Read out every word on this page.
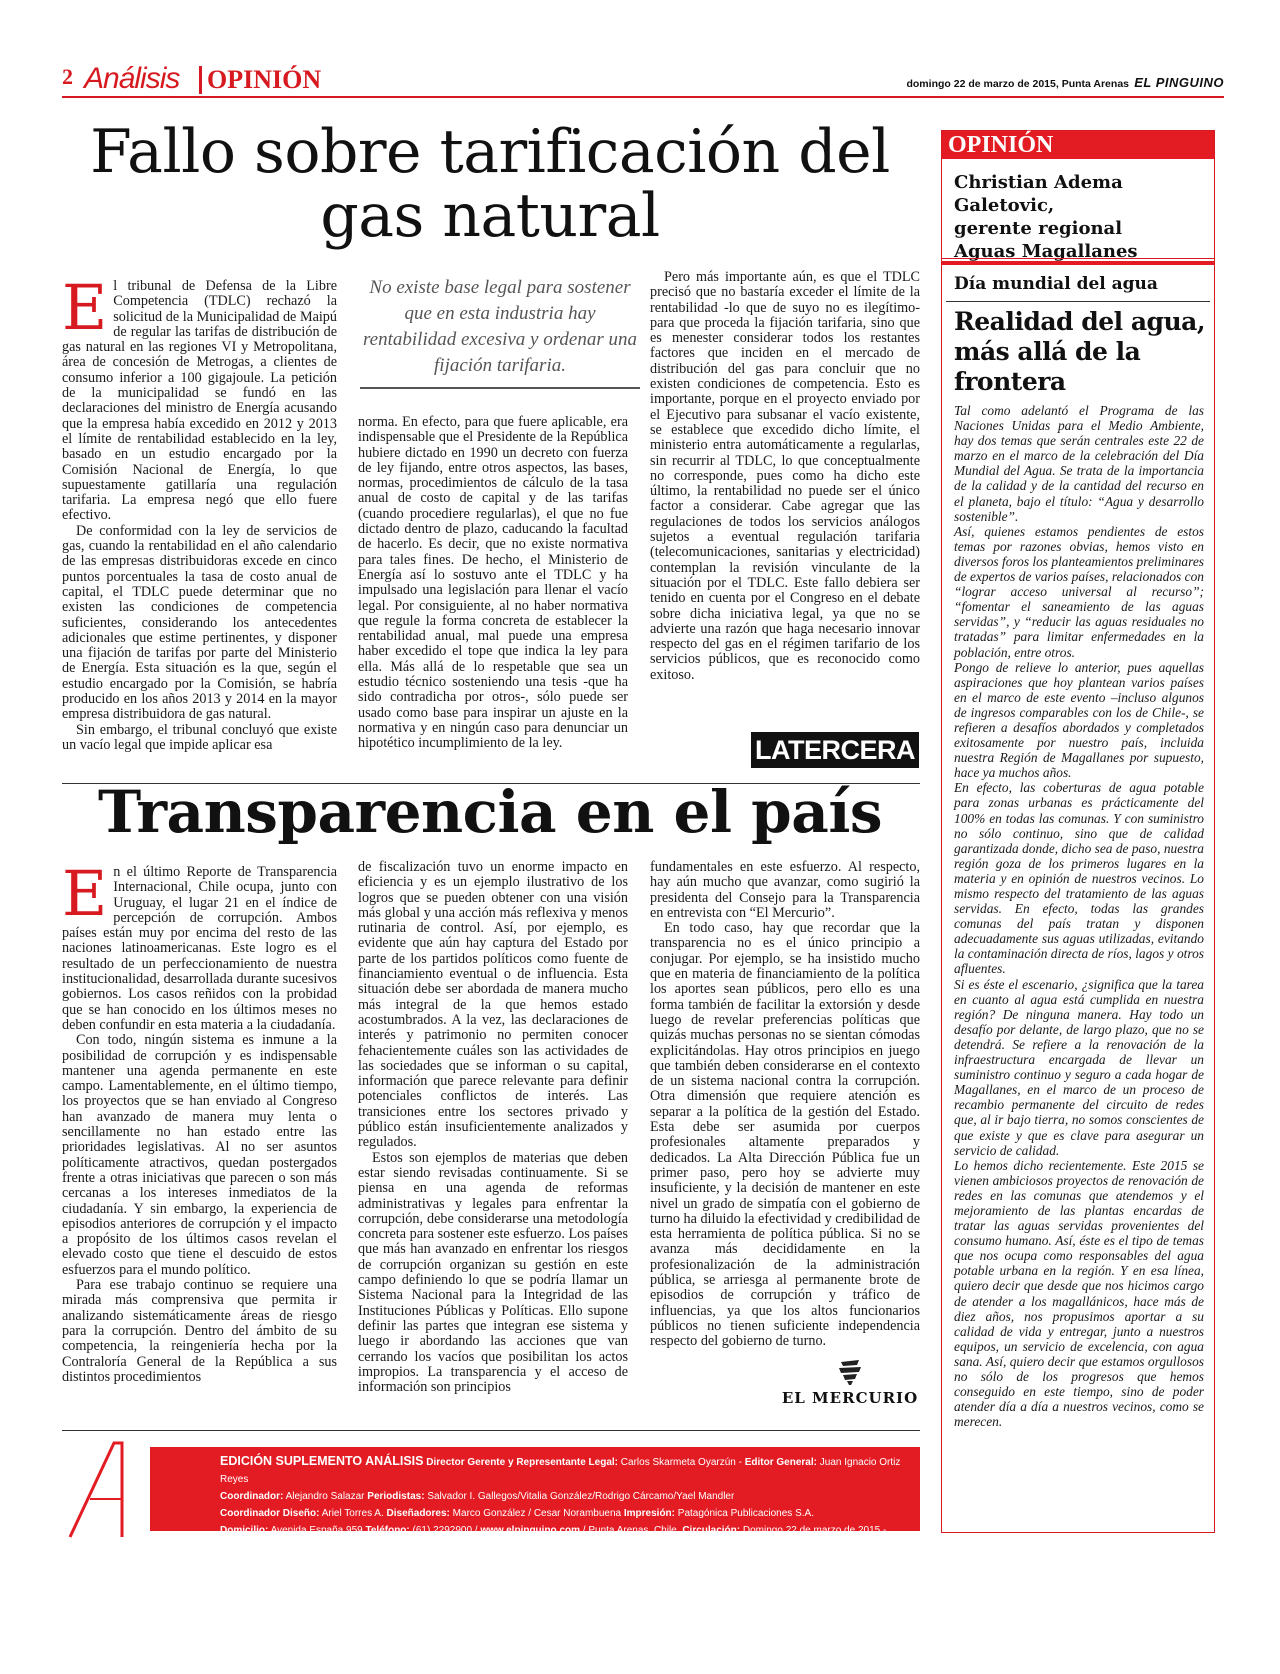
2 Análisis	OPINIÓN	domingo 22 de marzo de 2015, Punta Arenas EL PINGUINO
Fallo sobre tarificación del
gas natural

El tribunal de Defensa de la Libre Competencia (TDLC) rechazó la solicitud de la Municipalidad de Maipú de regular las tarifas de distribución de gas natural en las regiones VI y Metropolitana, área de concesión de Metrogas, a clientes de consumo inferior a 100 gigajoule. La petición de la municipalidad se fundó en las declaraciones del ministro de Energía acusando que la empresa había excedido en 2012 y 2013 el límite de rentabilidad establecido en la ley, basado en un estudio encargado por la Comisión Nacional de Energía, lo que supuestamente gatillaría una regulación tarifaria. La empresa negó que ello fuere efectivo.

De conformidad con la ley de servicios de gas, cuando la rentabilidad en el año calendario de las empresas distribuidoras excede en cinco puntos porcentuales la tasa de costo anual de capital, el TDLC puede determinar que no existen las condiciones de competencia suficientes, considerando los antecedentes adicionales que estime pertinentes, y disponer una fijación de tarifas por parte del Ministerio de Energía. Esta situación es la que, según el estudio encargado por la Comisión, se habría producido en los años 2013 y 2014 en la mayor empresa distribuidora de gas natural.

Sin embargo, el tribunal concluyó que existe un vacío legal que impide aplicar esa

No existe base legal para sostener que en esta industria hay rentabilidad excesiva y ordenar una fijación tarifaria.

norma. En efecto, para que fuere aplicable, era indispensable que el Presidente de la República hubiere dictado en 1990 un decreto con fuerza de ley fijando, entre otros aspectos, las bases, normas, procedimientos de cálculo de la tasa anual de costo de capital y de las tarifas (cuando procediere regularlas), el que no fue dictado dentro de plazo, caducando la facultad de hacerlo. Es decir, que no existe normativa para tales fines. De hecho, el Ministerio de Energía así lo sostuvo ante el TDLC y ha impulsado una legislación para llenar el vacío legal. Por consiguiente, al no haber normativa que regule la forma concreta de establecer la rentabilidad anual, mal puede una empresa haber excedido el tope que indica la ley para ella. Más allá de lo respetable que sea un estudio técnico sosteniendo una tesis -que ha sido contradicha por otros-, sólo puede ser usado como base para inspirar un ajuste en la normativa y en ningún caso para denunciar un hipotético incumplimiento de la ley.

Pero más importante aún, es que el TDLC precisó que no bastaría exceder el límite de la rentabilidad -lo que de suyo no es ilegítimo- para que proceda la fijación tarifaria, sino que es menester considerar todos los restantes factores que inciden en el mercado de distribución del gas para concluir que no existen condiciones de competencia. Esto es importante, porque en el proyecto enviado por el Ejecutivo para subsanar el vacío existente, se establece que excedido dicho límite, el ministerio entra automáticamente a regularlas, sin recurrir al TDLC, lo que conceptualmente no corresponde, pues como ha dicho este último, la rentabilidad no puede ser el único factor a considerar. Cabe agregar que las regulaciones de todos los servicios análogos sujetos a eventual regulación tarifaria (telecomunicaciones, sanitarias y electricidad) contemplan la revisión vinculante de la situación por el TDLC. Este fallo debiera ser tenido en cuenta por el Congreso en el debate sobre dicha iniciativa legal, ya que no se advierte una razón que haga necesario innovar respecto del gas en el régimen tarifario de los servicios públicos, que es reconocido como exitoso.

LATERCERA
Transparencia en el país

En el último Reporte de Transparencia Internacional, Chile ocupa, junto con Uruguay, el lugar 21 en el índice de percepción de corrupción. Ambos países están muy por encima del resto de las naciones latinoamericanas. Este logro es el resultado de un perfeccionamiento de nuestra institucionalidad, desarrollada durante sucesivos gobiernos. Los casos reñidos con la probidad que se han conocido en los últimos meses no deben confundir en esta materia a la ciudadanía.

Con todo, ningún sistema es inmune a la posibilidad de corrupción y es indispensable mantener una agenda permanente en este campo. Lamentablemente, en el último tiempo, los proyectos que se han enviado al Congreso han avanzado de manera muy lenta o sencillamente no han estado entre las prioridades legislativas. Al no ser asuntos políticamente atractivos, quedan postergados frente a otras iniciativas que parecen o son más cercanas a los intereses inmediatos de la ciudadanía. Y sin embargo, la experiencia de episodios anteriores de corrupción y el impacto a propósito de los últimos casos revelan el elevado costo que tiene el descuido de estos esfuerzos para el mundo político.

Para ese trabajo continuo se requiere una mirada más comprensiva que permita ir analizando sistemáticamente áreas de riesgo para la corrupción. Dentro del ámbito de su competencia, la reingeniería hecha por la Contraloría General de la República a sus distintos procedimientos

de fiscalización tuvo un enorme impacto en eficiencia y es un ejemplo ilustrativo de los logros que se pueden obtener con una visión más global y una acción más reflexiva y menos rutinaria de control. Así, por ejemplo, es evidente que aún hay captura del Estado por parte de los partidos políticos como fuente de financiamiento eventual o de influencia. Esta situación debe ser abordada de manera mucho más integral de la que hemos estado acostumbrados. A la vez, las declaraciones de interés y patrimonio no permiten conocer fehacientemente cuáles son las actividades de las sociedades que se informan o su capital, información que parece relevante para definir potenciales conflictos de interés. Las transiciones entre los sectores privado y público están insuficientemente analizados y regulados.

Estos son ejemplos de materias que deben estar siendo revisadas continuamente. Si se piensa en una agenda de reformas administrativas y legales para enfrentar la corrupción, debe considerarse una metodología concreta para sostener este esfuerzo. Los países que más han avanzado en enfrentar los riesgos de corrupción organizan su gestión en este campo definiendo lo que se podría llamar un Sistema Nacional para la Integridad de las Instituciones Públicas y Políticas. Ello supone definir las partes que integran ese sistema y luego ir abordando las acciones que van cerrando los vacíos que posibilitan los actos impropios. La transparencia y el acceso de información son principios

fundamentales en este esfuerzo. Al respecto, hay aún mucho que avanzar, como sugirió la presidenta del Consejo para la Transparencia en entrevista con “El Mercurio”.

En todo caso, hay que recordar que la transparencia no es el único principio a conjugar. Por ejemplo, se ha insistido mucho que en materia de financiamiento de la política los aportes sean públicos, pero ello es una forma también de facilitar la extorsión y desde luego de revelar preferencias políticas que quizás muchas personas no se sientan cómodas explicitándolas. Hay otros principios en juego que también deben considerarse en el contexto de un sistema nacional contra la corrupción. Otra dimensión que requiere atención es separar a la política de la gestión del Estado. Esta debe ser asumida por cuerpos profesionales altamente preparados y dedicados. La Alta Dirección Pública fue un primer paso, pero hoy se advierte muy insuficiente, y la decisión de mantener en este nivel un grado de simpatía con el gobierno de turno ha diluido la efectividad y credibilidad de esta herramienta de política pública. Si no se avanza más decididamente en la profesionalización de la administración pública, se arriesga al permanente brote de episodios de corrupción y tráfico de influencias, ya que los altos funcionarios públicos no tienen suficiente independencia respecto del gobierno de turno.

EL MERCURIO
EDICIÓN SUPLEMENTO ANÁLISIS Director Gerente y Representante Legal: Carlos Skarmeta Oyarzún - Editor General: Juan Ignacio Ortiz Reyes
Coordinador: Alejandro Salazar Periodistas: Salvador I. Gallegos/Vitalia González/Rodrigo Cárcamo/Yael Mandler
Coordinador Diseño: Ariel Torres A. Diseñadores: Marco González / Cesar Norambuena Impresión: Patagónica Publicaciones S.A.
Domicilio: Avenida España 959 Teléfono: (61) 2292900 / www.elpinguino.com / Punta Arenas, Chile. Circulación: Domingo 22 de marzo de 2015.-
OPINIÓN
Christian Adema Galetovic,
gerente regional
Aguas Magallanes
Día mundial del agua
Realidad del agua,
más allá de la
frontera

Tal como adelantó el Programa de las Naciones Unidas para el Medio Ambiente, hay dos temas que serán centrales este 22 de marzo en el marco de la celebración del Día Mundial del Agua. Se trata de la importancia de la calidad y de la cantidad del recurso en el planeta, bajo el título: “Agua y desarrollo sostenible”.

Así, quienes estamos pendientes de estos temas por razones obvias, hemos visto en diversos foros los planteamientos preliminares de expertos de varios países, relacionados con “lograr acceso universal al recurso”; “fomentar el saneamiento de las aguas servidas”, y “reducir las aguas residuales no tratadas” para limitar enfermedades en la población, entre otros.

Pongo de relieve lo anterior, pues aquellas aspiraciones que hoy plantean varios países en el marco de este evento –incluso algunos de ingresos comparables con los de Chile-, se refieren a desafíos abordados y completados exitosamente por nuestro país, incluida nuestra Región de Magallanes por supuesto, hace ya muchos años.

En efecto, las coberturas de agua potable para zonas urbanas es prácticamente del 100% en todas las comunas. Y con suministro no sólo continuo, sino que de calidad garantizada donde, dicho sea de paso, nuestra región goza de los primeros lugares en la materia y en opinión de nuestros vecinos. Lo mismo respecto del tratamiento de las aguas servidas. En efecto, todas las grandes comunas del país tratan y disponen adecuadamente sus aguas utilizadas, evitando la contaminación directa de ríos, lagos y otros afluentes.

Si es éste el escenario, ¿significa que la tarea en cuanto al agua está cumplida en nuestra región? De ninguna manera. Hay todo un desafío por delante, de largo plazo, que no se detendrá. Se refiere a la renovación de la infraestructura encargada de llevar un suministro continuo y seguro a cada hogar de Magallanes, en el marco de un proceso de recambio permanente del circuito de redes que, al ir bajo tierra, no somos conscientes de que existe y que es clave para asegurar un servicio de calidad.

Lo hemos dicho recientemente. Este 2015 se vienen ambiciosos proyectos de renovación de redes en las comunas que atendemos y el mejoramiento de las plantas encardas de tratar las aguas servidas provenientes del consumo humano. Así, éste es el tipo de temas que nos ocupa como responsables del agua potable urbana en la región. Y en esa línea, quiero decir que desde que nos hicimos cargo de atender a los magallánicos, hace más de diez años, nos propusimos aportar a su calidad de vida y entregar, junto a nuestros equipos, un servicio de excelencia, con agua sana. Así, quiero decir que estamos orgullosos no sólo de los progresos que hemos conseguido en este tiempo, sino de poder atender día a día a nuestros vecinos, como se merecen.
